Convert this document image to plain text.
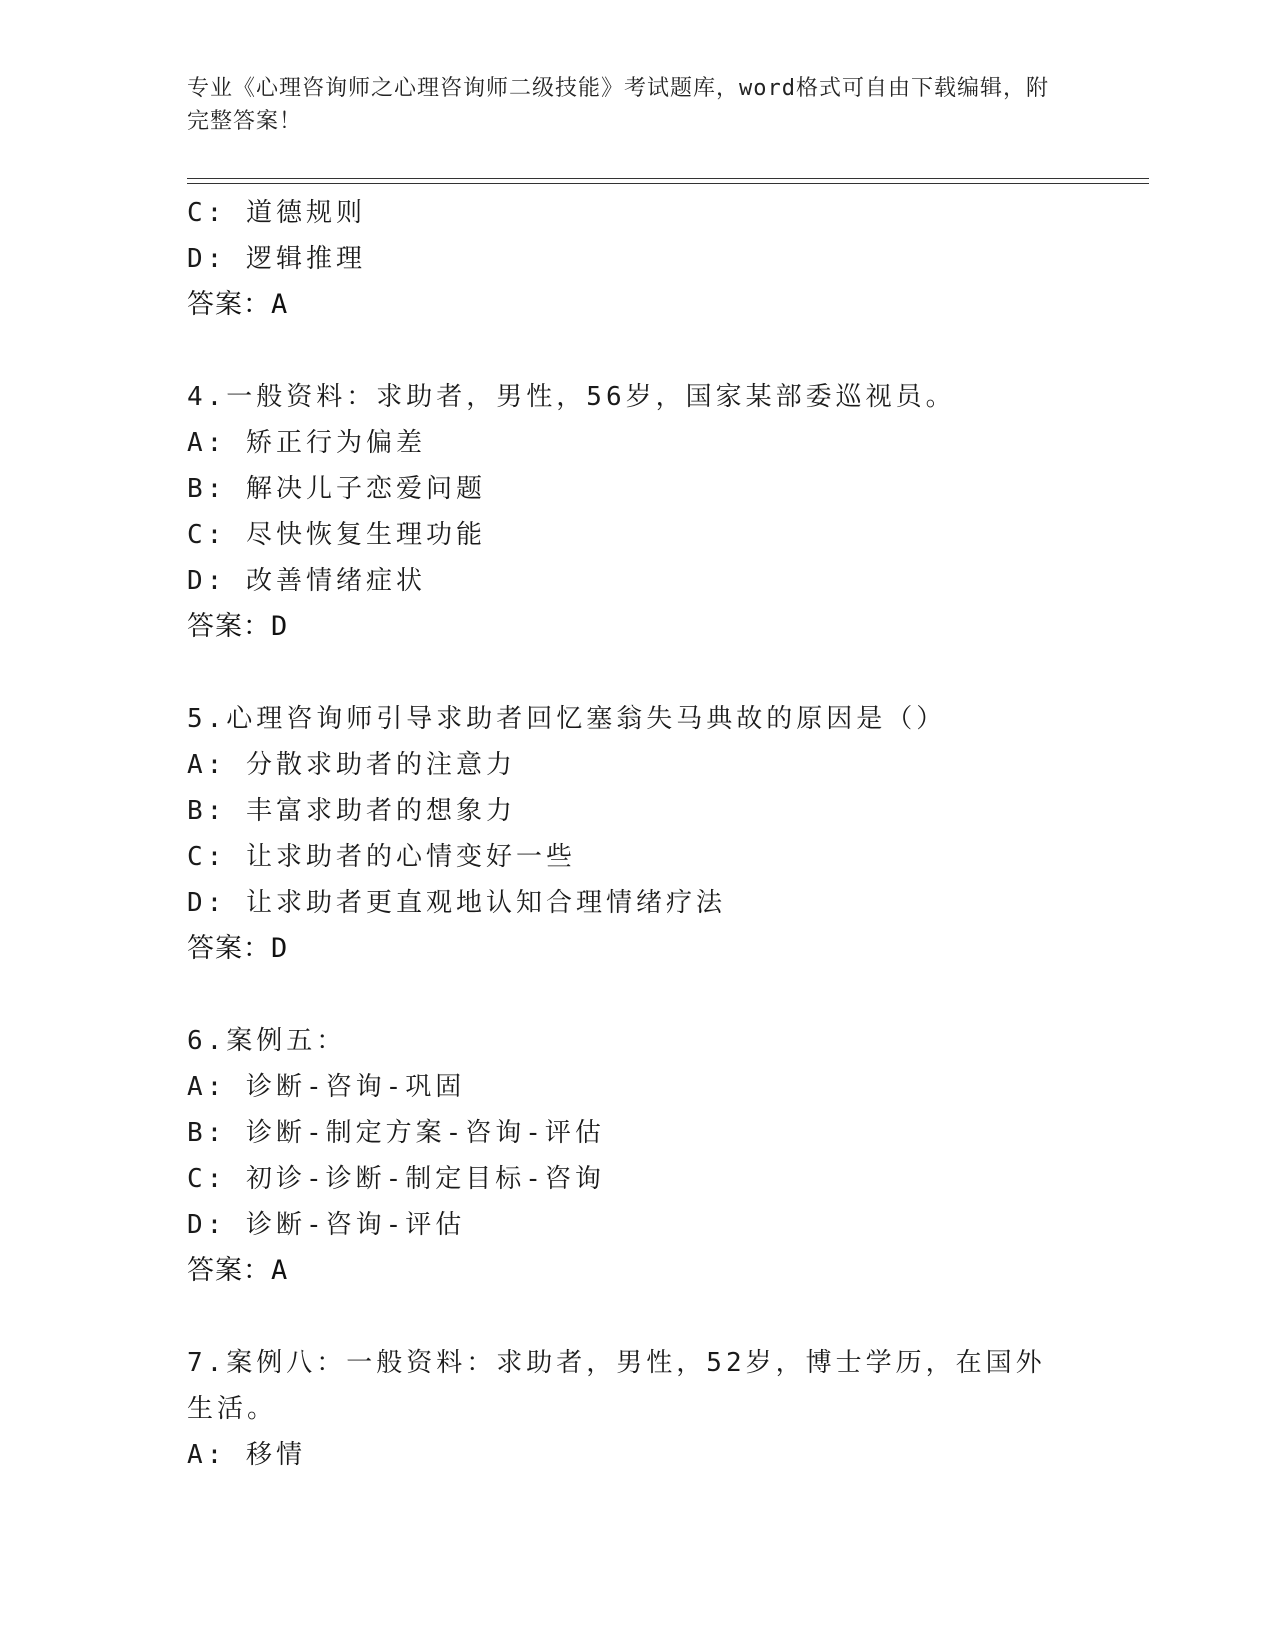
专业《心理咨询师之心理咨询师二级技能》考试题库，word格式可自由下载编辑，附完整答案！
C: 道德规则
D: 逻辑推理
答案：A
4.一般资料：求助者，男性，56岁，国家某部委巡视员。
A: 矫正行为偏差
B: 解决儿子恋爱问题
C: 尽快恢复生理功能
D: 改善情绪症状
答案：D
5.心理咨询师引导求助者回忆塞翁失马典故的原因是（）
A: 分散求助者的注意力
B: 丰富求助者的想象力
C: 让求助者的心情变好一些
D: 让求助者更直观地认知合理情绪疗法
答案：D
6.案例五：
A: 诊断-咨询-巩固
B: 诊断-制定方案-咨询-评估
C: 初诊-诊断-制定目标-咨询
D: 诊断-咨询-评估
答案：A
7.案例八：一般资料：求助者，男性，52岁，博士学历，在国外生活。
A: 移情
